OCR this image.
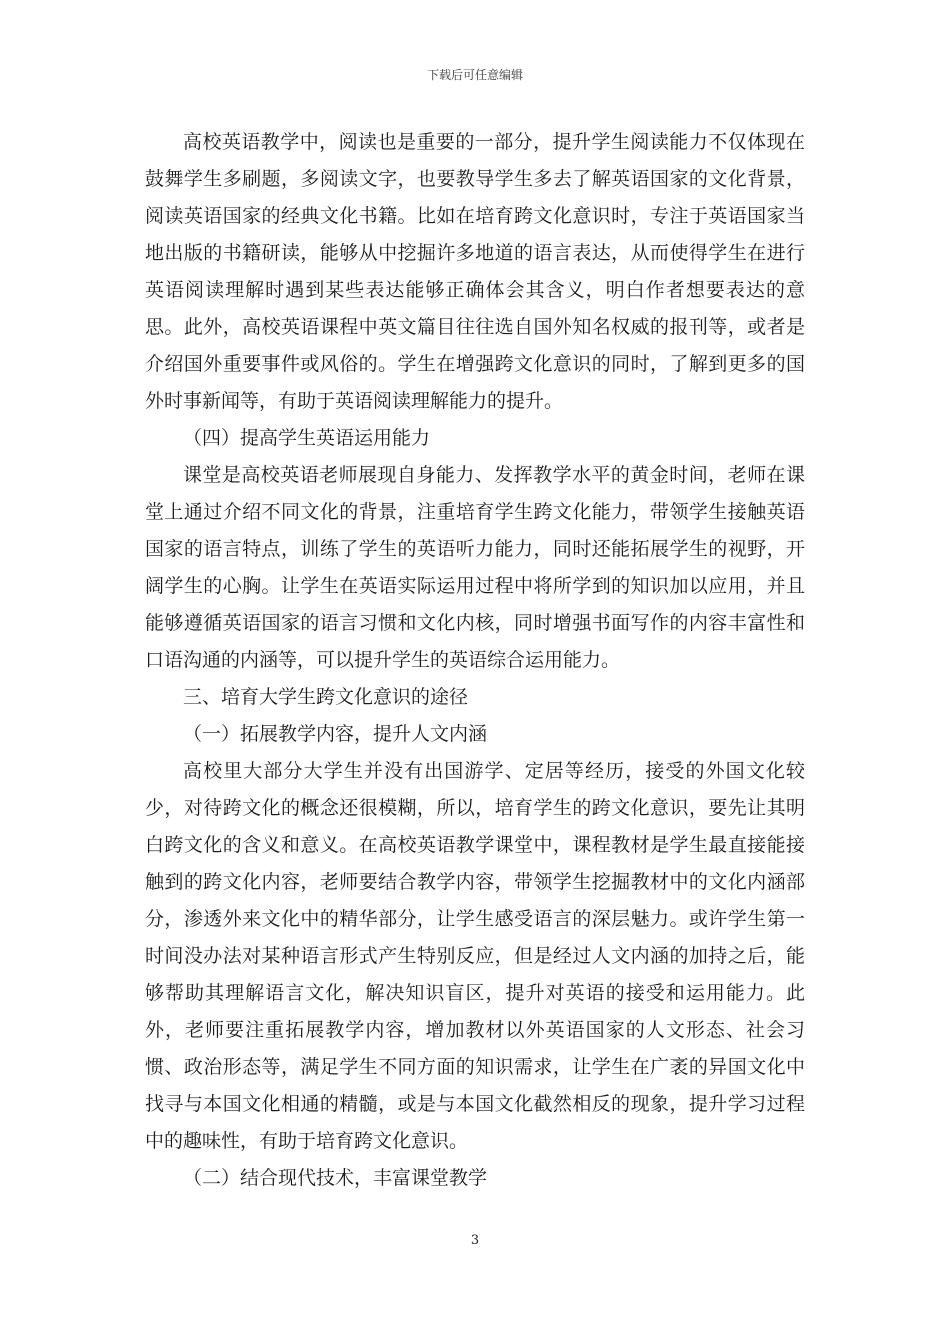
下载后可任意编辑

高校英语教学中，阅读也是重要的一部分，提升学生阅读能力不仅体现在鼓舞学生多刷题，多阅读文字，也要教导学生多去了解英语国家的文化背景，阅读英语国家的经典文化书籍。比如在培育跨文化意识时，专注于英语国家当地出版的书籍研读，能够从中挖掘许多地道的语言表达，从而使得学生在进行英语阅读理解时遇到某些表达能够正确体会其含义，明白作者想要表达的意思。此外，高校英语课程中英文篇目往往选自国外知名权威的报刊等，或者是介绍国外重要事件或风俗的。学生在增强跨文化意识的同时，了解到更多的国外时事新闻等，有助于英语阅读理解能力的提升。

（四）提高学生英语运用能力

课堂是高校英语老师展现自身能力、发挥教学水平的黄金时间，老师在课堂上通过介绍不同文化的背景，注重培育学生跨文化能力，带领学生接触英语国家的语言特点，训练了学生的英语听力能力，同时还能拓展学生的视野，开阔学生的心胸。让学生在英语实际运用过程中将所学到的知识加以应用，并且能够遵循英语国家的语言习惯和文化内核，同时增强书面写作的内容丰富性和口语沟通的内涵等，可以提升学生的英语综合运用能力。

三、培育大学生跨文化意识的途径

（一）拓展教学内容，提升人文内涵

高校里大部分大学生并没有出国游学、定居等经历，接受的外国文化较少，对待跨文化的概念还很模糊，所以，培育学生的跨文化意识，要先让其明白跨文化的含义和意义。在高校英语教学课堂中，课程教材是学生最直接能接触到的跨文化内容，老师要结合教学内容，带领学生挖掘教材中的文化内涵部分，渗透外来文化中的精华部分，让学生感受语言的深层魅力。或许学生第一时间没办法对某种语言形式产生特别反应，但是经过人文内涵的加持之后，能够帮助其理解语言文化，解决知识盲区，提升对英语的接受和运用能力。此外，老师要注重拓展教学内容，增加教材以外英语国家的人文形态、社会习惯、政治形态等，满足学生不同方面的知识需求，让学生在广袤的异国文化中找寻与本国文化相通的精髓，或是与本国文化截然相反的现象，提升学习过程中的趣味性，有助于培育跨文化意识。

（二）结合现代技术，丰富课堂教学

3
